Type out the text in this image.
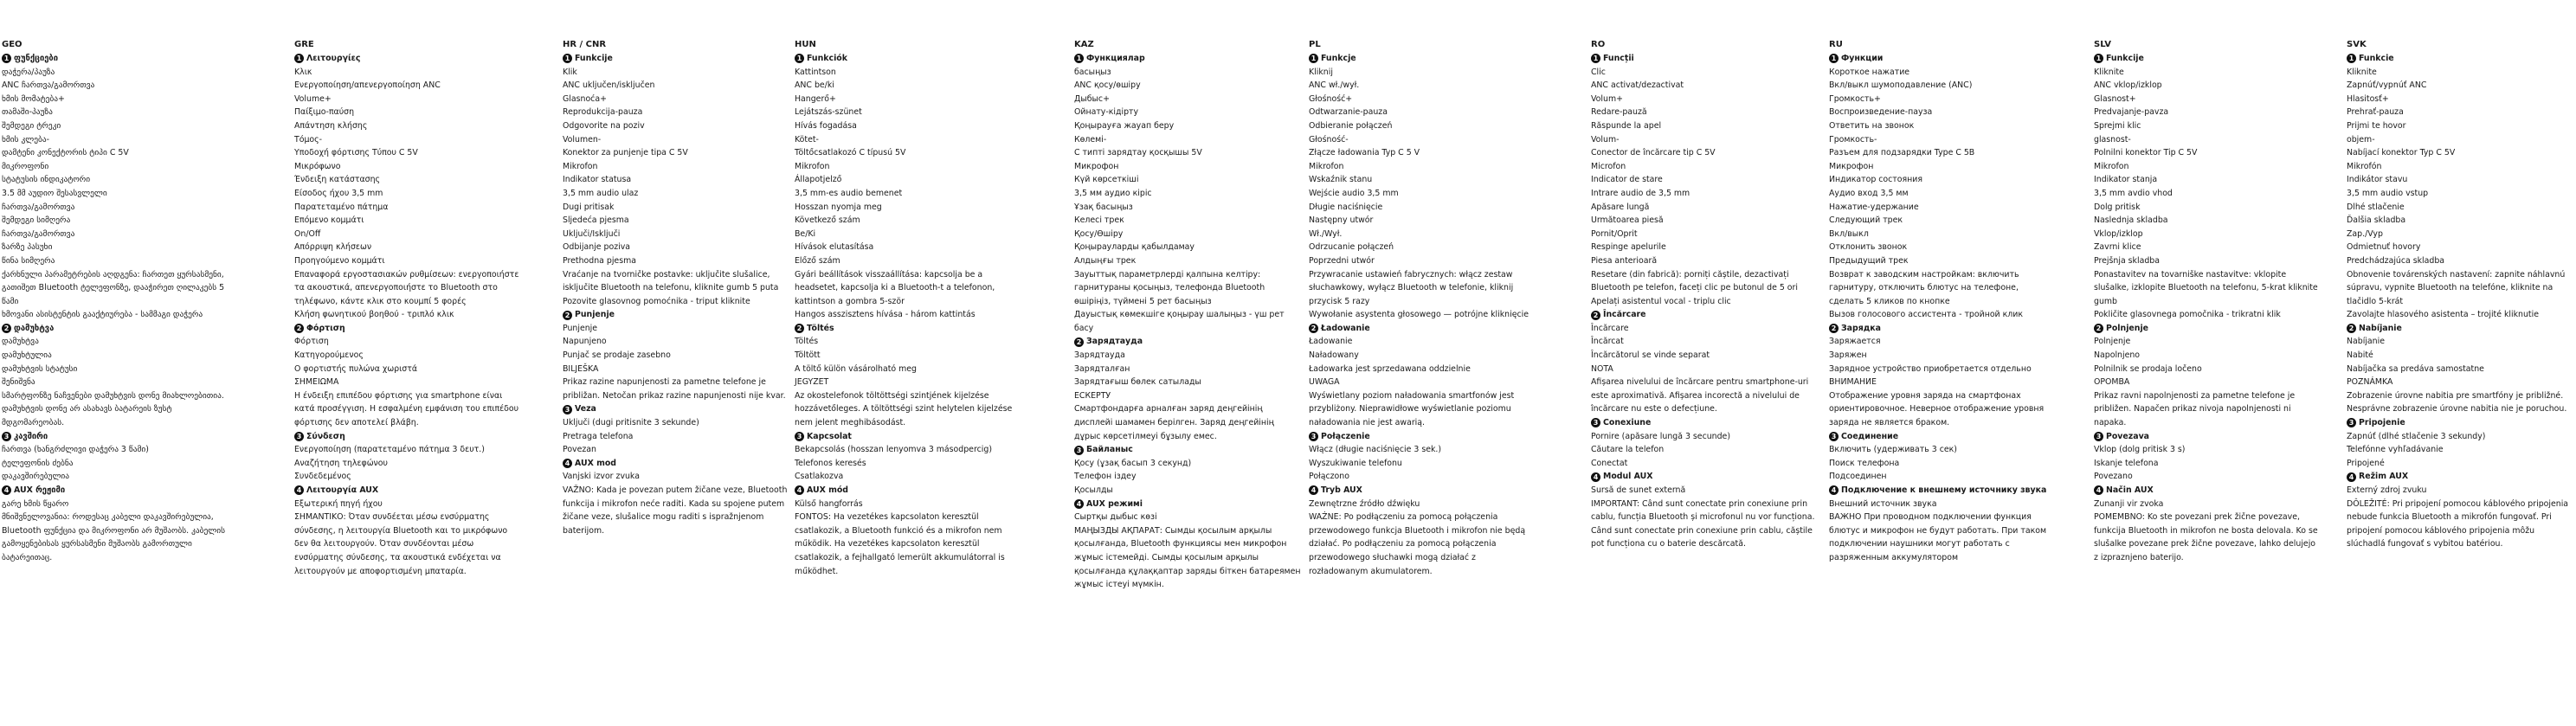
GEO
1 ფუნქციები
დაჭერა/პაუზა
ANC ჩართვა/გამორთვა
ხმის მომატება+
თამაში-პაუზა
შემდეგი ტრეკი
ხმის კლება-
დამტენი კონექტორის ტიპი C 5V
მიკროფონი
სტატუსის ინდიკატორი
3.5 მმ აუდიო შესასვლელი
ჩართვა/გამორთვა
შემდეგი სიმღერა
ჩართვა/გამორთვა
ზარზე პასუხი
წინა სიმღერა
ქარხნული პარამეტრების აღდგენა: ჩართეთ ყურსასმენი, გათიშეთ Bluetooth ტელეფონზე, დააჭირეთ ღილაკებს 5 წამი
ხმოვანი ასისტენტის გააქტიურება - სამმაგი დაჭერა
2 დამუხტვა
დამუხტვა
დამუხტულია
დამუხტვის სტატუსი
შენიშვნა
სმარტფონზე ნაჩვენები დამუხტვის დონე მიახლოებითია. დამუხტვის დონე არ ასახავს ბატარეის ზუსტ მდგომარეობას.
3 კავშირი
ჩართვა (ხანგრძლივი დაჭერა 3 წამი)
ტელეფონის ძებნა
დაკავშირებულია
4 AUX რეჟიმი
გარე ხმის წყარო
მნიშვნელოვანია: როდესაც კაბელი დაკავშირებულია, Bluetooth ფუნქცია და მიკროფონი არ მუშაობს. კაბელის გამოყენებისას ყურსასმენი მუშაობს გამორთული ბატარეითაც.
GRE
1 Λειτουργίες
Κλικ
Ενεργοποίηση/απενεργοποίηση ANC
Volume+
Παίξιμο-παύση
Απάντηση κλήσης
Τόμος-
Υποδοχή φόρτισης Τύπου C 5V
Μικρόφωνο
Ένδειξη κατάστασης
Είσοδος ήχου 3,5 mm
Παρατεταμένο πάτημα
Επόμενο κομμάτι
On/Off
Απόρριψη κλήσεων
Προηγούμενο κομμάτι
Επαναφορά εργοστασιακών ρυθμίσεων: ενεργοποιήστε τα ακουστικά, απενεργοποιήστε το Bluetooth στο τηλέφωνο, κάντε κλικ στο κουμπί 5 φορές
Κλήση φωνητικού βοηθού - τριπλό κλικ
2 Φόρτιση
Φόρτιση
Κατηγορούμενος
Ο φορτιστής πυλώνα χωριστά
ΣΗΜΕΙΩΜΑ
Η ένδειξη επιπέδου φόρτισης για smartphone είναι κατά προσέγγιση. Η εσφαλμένη εμφάνιση του επιπέδου φόρτισης δεν αποτελεί βλάβη.
3 Σύνδεση
Ενεργοποίηση (παρατεταμένο πάτημα 3 δευτ.)
Αναζήτηση τηλεφώνου
Συνδεδεμένος
4 Λειτουργία AUX
Εξωτερική πηγή ήχου
ΣΗΜΑΝΤΙΚΟ: Όταν συνδέεται μέσω ενσύρματης σύνδεσης, η λειτουργία Bluetooth και το μικρόφωνο δεν θα λειτουργούν. Όταν συνδέονται μέσω ενσύρματης σύνδεσης, τα ακουστικά ενδέχεται να λειτουργούν με αποφορτισμένη μπαταρία.
HR / CNR
1 Funkcije
Klik
ANC uključen/isključen
Glasnoća+
Reprodukcija-pauza
Odgovorite na poziv
Volumen-
Konektor za punjenje tipa C 5V
Mikrofon
Indikator statusa
3,5 mm audio ulaz
Dugi pritisak
Sljedeća pjesma
Uključi/Isključi
Odbijanje poziva
Prethodna pjesma
Vraćanje na tvorničke postavke: uključite slušalice, isključite Bluetooth na telefonu, kliknite gumb 5 puta
Pozovite glasovnog pomoćnika - triput kliknite
2 Punjenje
Punjenje
Napunjeno
Punjač se prodaje zasebno
BILJEŠKA
Prikaz razine napunjenosti za pametne telefone je približan. Netočan prikaz razine napunjenosti nije kvar.
3 Veza
Uključi (dugi pritisnite 3 sekunde)
Pretraga telefona
Povezan
4 AUX mod
Vanjski izvor zvuka
VAŽNO: Kada je povezan putem žičane veze, Bluetooth funkcija i mikrofon neće raditi. Kada su spojene putem žičane veze, slušalice mogu raditi s ispražnjenom baterijom.
HUN
1 Funkciók
Kattintson
ANC be/ki
Hangerő+
Lejátszás-szünet
Hívás fogadása
Kötet-
Töltőcsatlakozó C típusú 5V
Mikrofon
Állapotjelző
3,5 mm-es audio bemenet
Hosszan nyomja meg
Következő szám
Be/Ki
Hívások elutasítása
Előző szám
Gyári beállítások visszaállítása: kapcsolja be a headsetet, kapcsolja ki a Bluetooth-t a telefonon, kattintson a gombra 5-ször
Hangos asszisztens hívása - három kattintás
2 Töltés
Töltés
Töltött
A töltő külön vásárolható meg
JEGYZET
Az okostelefonok töltöttségi szintjének kijelzése hozzávetőleges. A töltöttségi szint helytelen kijelzése nem jelent meghibásodást.
3 Kapcsolat
Bekapcsolás (hosszan lenyomva 3 másodpercig)
Telefonos keresés
Csatlakozva
4 AUX mód
Külső hangforrás
FONTOS: Ha vezetékes kapcsolaton keresztül csatlakozik, a Bluetooth funkció és a mikrofon nem működik. Ha vezetékes kapcsolaton keresztül csatlakozik, a fejhallgató lemerült akkumulátorral is működhet.
KAZ
1 Функциялар
басыңыз
ANC қосу/өшіру
Дыбыс+
Ойнату-кідірту
Қоңырауға жауап беру
Көлемі-
С типті зарядтау қосқышы 5V
Микрофон
Күй көрсеткіші
3,5 мм аудио кіріс
Ұзақ басыңыз
Келесі трек
Қосу/Өшіру
Қоңырауларды қабылдамау
Алдыңғы трек
Зауыттық параметрлерді қалпына келтіру: гарнитураны қосыңыз, телефонда Bluetooth өшіріңіз, түймені 5 рет басыңыз
Дауыстық көмекшіге қоңырау шалыңыз - үш рет басу
2 Зарядтауда
Зарядтауда
Зарядталған
Зарядтағыш бөлек сатылады
ЕСКЕРТУ
Смартфондарға арналған заряд деңгейінің дисплейі шамамен берілген. Заряд деңгейінің дұрыс көрсетілмеуі бұзылу емес.
3 Байланыс
Қосу (ұзақ басып 3 секунд)
Телефон іздеу
Қосылды
4 AUX режимі
Сыртқы дыбыс көзі
МАҢЫЗДЫ АҚПАРАТ: Сымды қосылым арқылы қосылғанда, Bluetooth функциясы мен микрофон жұмыс істемейді. Сымды қосылым арқылы қосылғанда құлаққаптар заряды біткен батареямен жұмыс істеуі мүмкін.
PL
1 Funkcje
Kliknij
ANC wł./wył.
Głośność+
Odtwarzanie-pauza
Odbieranie połączeń
Głośność-
Złącze ładowania Typ C 5 V
Mikrofon
Wskaźnik stanu
Wejście audio 3,5 mm
Długie naciśnięcie
Następny utwór
Wł./Wył.
Odrzucanie połączeń
Poprzedni utwór
Przywracanie ustawień fabrycznych: włącz zestaw słuchawkowy, wyłącz Bluetooth w telefonie, kliknij przycisk 5 razy
Wywołanie asystenta głosowego — potrójne kliknięcie
2 Ładowanie
Ładowanie
Naładowany
Ładowarka jest sprzedawana oddzielnie
UWAGA
Wyświetlany poziom naładowania smartfonów jest przybliżony. Nieprawidłowe wyświetlanie poziomu naładowania nie jest awarią.
3 Połączenie
Włącz (długie naciśnięcie 3 sek.)
Wyszukiwanie telefonu
Połączono
4 Tryb AUX
Zewnętrzne źródło dźwięku
WAŻNE: Po podłączeniu za pomocą połączenia przewodowego funkcja Bluetooth i mikrofon nie będą działać. Po podłączeniu za pomocą połączenia przewodowego słuchawki mogą działać z rozładowanym akumulatorem.
RO
1 Funcții
Clic
ANC activat/dezactivat
Volum+
Redare-pauză
Răspunde la apel
Volum-
Conector de încărcare tip C 5V
Microfon
Indicator de stare
Intrare audio de 3,5 mm
Apăsare lungă
Următoarea piesă
Pornit/Oprit
Respinge apelurile
Piesa anterioară
Resetare (din fabrică): porniți căștile, dezactivați Bluetooth pe telefon, faceți clic pe butonul de 5 ori
Apelați asistentul vocal - triplu clic
2 Încărcare
Încărcare
Încărcat
Încărcătorul se vinde separat
NOTA
Afișarea nivelului de încărcare pentru smartphone-uri este aproximativă. Afișarea incorectă a nivelului de încărcare nu este o defecțiune.
3 Conexiune
Pornire (apăsare lungă 3 secunde)
Căutare la telefon
Conectat
4 Modul AUX
Sursă de sunet externă
IMPORTANT: Când sunt conectate prin conexiune prin cablu, funcția Bluetooth și microfonul nu vor funcționa. Când sunt conectate prin conexiune prin cablu, căștile pot funcționa cu o baterie descărcată.
RU
1 Функции
Короткое нажатие
Вкл/выкл шумоподавление (ANC)
Громкость+
Воспроизведение-пауза
Ответить на звонок
Громкость-
Разъем для подзарядки Type C 5В
Микрофон
Индикатор состояния
Аудио вход 3,5 мм
Нажатие-удержание
Следующий трек
Вкл/выкл
Отклонить звонок
Предыдущий трек
Возврат к заводским настройкам: включить гарнитуру, отключить блютус на телефоне, сделать 5 кликов по кнопке
Вызов голосового ассистента - тройной клик
2 Зарядка
Заряжается
Заряжен
Зарядное устройство приобретается отдельно
ВНИМАНИЕ
Отображение уровня заряда на смартфонах ориентировочное. Неверное отображение уровня заряда не является браком.
3 Соединение
Включить (удерживать 3 сек)
Поиск телефона
Подсоединен
4 Подключение к внешнему источнику звука
Внешний источник звука
ВАЖНО При проводном подключении функция блютус и микрофон не будут работать. При таком подключении наушники могут работать с разряженным аккумулятором
SLV
1 Funkcije
Kliknite
ANC vklop/izklop
Glasnost+
Predvajanje-pavza
Sprejmi klic
glasnost-
Polnilni konektor Tip C 5V
Mikrofon
Indikator stanja
3,5 mm avdio vhod
Dolg pritisk
Naslednja skladba
Vklop/izklop
Zavrni klice
Prejšnja skladba
Ponastavitev na tovarniške nastavitve: vklopite slušalke, izklopite Bluetooth na telefonu, 5-krat kliknite gumb
Pokličite glasovnega pomočnika - trikratni klik
2 Polnjenje
Polnjenje
Napolnjeno
Polnilnik se prodaja ločeno
OPOMBA
Prikaz ravni napolnjenosti za pametne telefone je približen. Napačen prikaz nivoja napolnjenosti ni napaka.
3 Povezava
Vklop (dolg pritisk 3 s)
Iskanje telefona
Povezano
4 Način AUX
Zunanji vir zvoka
POMEMBNO: Ko ste povezani prek žične povezave, funkcija Bluetooth in mikrofon ne bosta delovala. Ko se slušalke povezane prek žične povezave, lahko delujejo z izpraznjeno baterijo.
SVK
1 Funkcie
Kliknite
Zapnúť/vypnúť ANC
Hlasitosť+
Prehrať-pauza
Prijmi te hovor
objem-
Nabíjací konektor Typ C 5V
Mikrofón
Indikátor stavu
3,5 mm audio vstup
Dlhé stlačenie
Ďalšia skladba
Zap./Vyp
Odmietnuť hovory
Predchádzajúca skladba
Obnovenie továrenských nastavení: zapnite náhlavnú súpravu, vypnite Bluetooth na telefóne, kliknite na tlačidlo 5-krát
Zavolajte hlasového asistenta – trojité kliknutie
2 Nabíjanie
Nabíjanie
Nabité
Nabíjačka sa predáva samostatne
POZNÁMKA
Zobrazenie úrovne nabitia pre smartfóny je približné. Nesprávne zobrazenie úrovne nabitia nie je poruchou.
3 Pripojenie
Zapnúť (dlhé stlačenie 3 sekundy)
Telefónne vyhľadávanie
Pripojené
4 Režim AUX
Externý zdroj zvuku
DÔLEŽITÉ: Pri pripojení pomocou káblového pripojenia nebude funkcia Bluetooth a mikrofón fungovať. Pri pripojení pomocou káblového pripojenia môžu slúchadlá fungovať s vybitou batériou.
